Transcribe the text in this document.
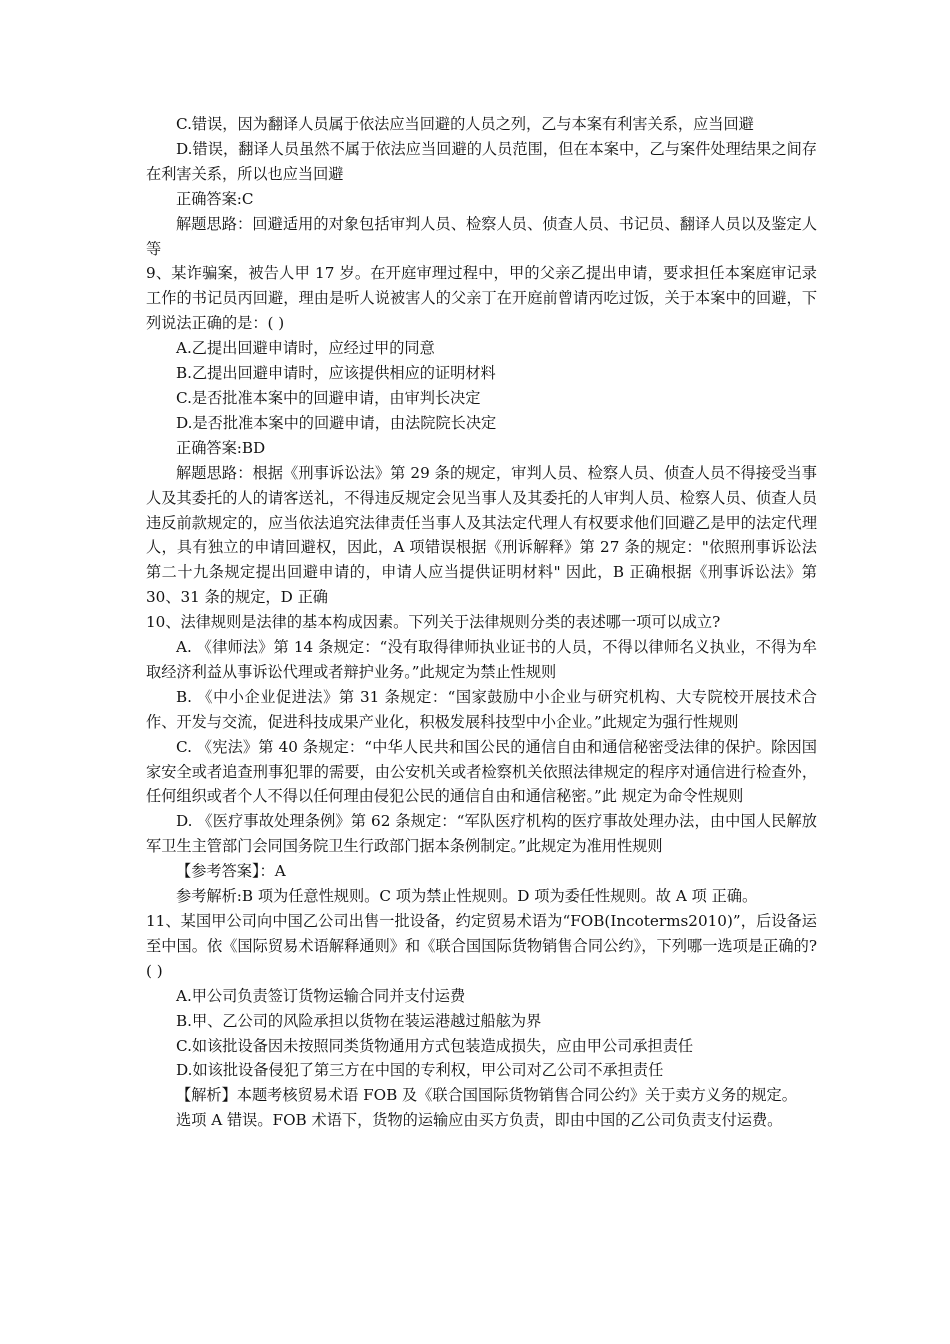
C.错误，因为翻译人员属于依法应当回避的人员之列，乙与本案有利害关系，应当回避

D.错误，翻译人员虽然不属于依法应当回避的人员范围，但在本案中，乙与案件处理结果之间存在利害关系，所以也应当回避

正确答案:C

解题思路：回避适用的对象包括审判人员、检察人员、侦查人员、书记员、翻译人员以及鉴定人等

9、某诈骗案，被告人甲 17 岁。在开庭审理过程中，甲的父亲乙提出申请，要求担任本案庭审记录工作的书记员丙回避，理由是听人说被害人的父亲丁在开庭前曾请丙吃过饭，关于本案中的回避，下列说法正确的是：( )

A.乙提出回避申请时，应经过甲的同意

B.乙提出回避申请时，应该提供相应的证明材料

C.是否批准本案中的回避申请，由审判长决定

D.是否批准本案中的回避申请，由法院院长决定

正确答案:BD

解题思路：根据《刑事诉讼法》第 29 条的规定，审判人员、检察人员、侦查人员不得接受当事人及其委托的人的请客送礼，不得违反规定会见当事人及其委托的人审判人员、检察人员、侦查人员违反前款规定的，应当依法追究法律责任当事人及其法定代理人有权要求他们回避乙是甲的法定代理人，具有独立的申请回避权，因此，A 项错误根据《刑诉解释》第 27 条的规定："依照刑事诉讼法第二十九条规定提出回避申请的，申请人应当提供证明材料" 因此，B 正确根据《刑事诉讼法》第 30、31 条的规定，D 正确

10、法律规则是法律的基本构成因素。下列关于法律规则分类的表述哪一项可以成立?

A. 《律师法》第 14 条规定：“没有取得律师执业证书的人员，不得以律师名义执业，不得为牟取经济利益从事诉讼代理或者辩护业务。”此规定为禁止性规则

B. 《中小企业促进法》第 31 条规定：“国家鼓励中小企业与研究机构、大专院校开展技术合作、开发与交流，促进科技成果产业化，积极发展科技型中小企业。”此规定为强行性规则

C. 《宪法》第 40 条规定：“中华人民共和国公民的通信自由和通信秘密受法律的保护。除因国家安全或者追查刑事犯罪的需要，由公安机关或者检察机关依照法律规定的程序对通信进行检查外，任何组织或者个人不得以任何理由侵犯公民的通信自由和通信秘密。”此 规定为命令性规则

D. 《医疗事故处理条例》第 62 条规定：“军队医疗机构的医疗事故处理办法，由中国人民解放军卫生主管部门会同国务院卫生行政部门据本条例制定。”此规定为准用性规则

【参考答案】：A

参考解析:B 项为任意性规则。C 项为禁止性规则。D 项为委任性规则。故 A 项 正确。

11、某国甲公司向中国乙公司出售一批设备，约定贸易术语为“FOB(Incoterms2010)”，后设备运至中国。依《国际贸易术语解释通则》和《联合国国际货物销售合同公约》，下列哪一选项是正确的?( )

A.甲公司负责签订货物运输合同并支付运费

B.甲、乙公司的风险承担以货物在装运港越过船舷为界

C.如该批设备因未按照同类货物通用方式包装造成损失，应由甲公司承担责任

D.如该批设备侵犯了第三方在中国的专利权，甲公司对乙公司不承担责任

【解析】本题考核贸易术语 FOB 及《联合国国际货物销售合同公约》关于卖方义务的规定。

选项 A 错误。FOB 术语下，货物的运输应由买方负责，即由中国的乙公司负责支付运费。
